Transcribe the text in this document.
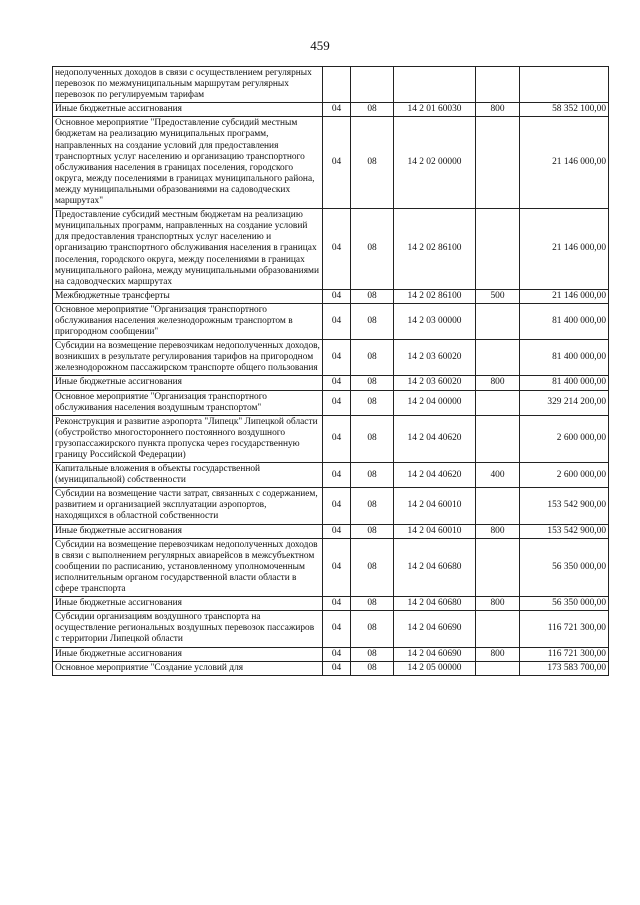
459
недополученных доходов в связи с осуществлением регулярных перевозок по межмуниципальным маршрутам регулярных перевозок по регулируемым тарифам					
Иные бюджетные ассигнования	04	08	14 2 01 60030	800	58 352 100,00
Основное мероприятие "Предоставление субсидий местным бюджетам на реализацию муниципальных программ, направленных на создание условий для предоставления транспортных услуг населению и организацию транспортного обслуживания населения в границах поселения, городского округа, между поселениями в границах муниципального района, между муниципальными образованиями на садоводческих маршрутах"	04	08	14 2 02 00000		21 146 000,00
Предоставление субсидий местным бюджетам на реализацию муниципальных программ, направленных на создание условий для предоставления транспортных услуг населению и организацию транспортного обслуживания населения в границах поселения, городского округа, между поселениями в границах муниципального района, между муниципальными образованиями на садоводческих маршрутах	04	08	14 2 02 86100		21 146 000,00
Межбюджетные трансферты	04	08	14 2 02 86100	500	21 146 000,00
Основное мероприятие "Организация транспортного обслуживания населения железнодорожным транспортом в пригородном сообщении"	04	08	14 2 03 00000		81 400 000,00
Субсидии на возмещение перевозчикам недополученных доходов, возникших в результате регулирования тарифов на пригородном железнодорожном пассажирском транспорте общего пользования	04	08	14 2 03 60020		81 400 000,00
Иные бюджетные ассигнования	04	08	14 2 03 60020	800	81 400 000,00
Основное мероприятие "Организация транспортного обслуживания населения воздушным транспортом"	04	08	14 2 04 00000		329 214 200,00
Реконструкция и развитие аэропорта "Липецк" Липецкой области (обустройство многостороннего постоянного воздушного грузопассажирского пункта пропуска через государственную границу Российской Федерации)	04	08	14 2 04 40620		2 600 000,00
Капитальные вложения в объекты государственной (муниципальной) собственности	04	08	14 2 04 40620	400	2 600 000,00
Субсидии на возмещение части затрат, связанных с содержанием, развитием и организацией эксплуатации аэропортов, находящихся в областной собственности	04	08	14 2 04 60010		153 542 900,00
Иные бюджетные ассигнования	04	08	14 2 04 60010	800	153 542 900,00
Субсидии на возмещение перевозчикам недополученных доходов в связи с выполнением регулярных авиарейсов в межсубъектном сообщении по расписанию, установленному уполномоченным исполнительным органом государственной власти области в сфере транспорта	04	08	14 2 04 60680		56 350 000,00
Иные бюджетные ассигнования	04	08	14 2 04 60680	800	56 350 000,00
Субсидии организациям воздушного транспорта на осуществление региональных воздушных перевозок пассажиров с территории Липецкой области	04	08	14 2 04 60690		116 721 300,00
Иные бюджетные ассигнования	04	08	14 2 04 60690	800	116 721 300,00
Основное мероприятие "Создание условий для	04	08	14 2 05 00000		173 583 700,00
